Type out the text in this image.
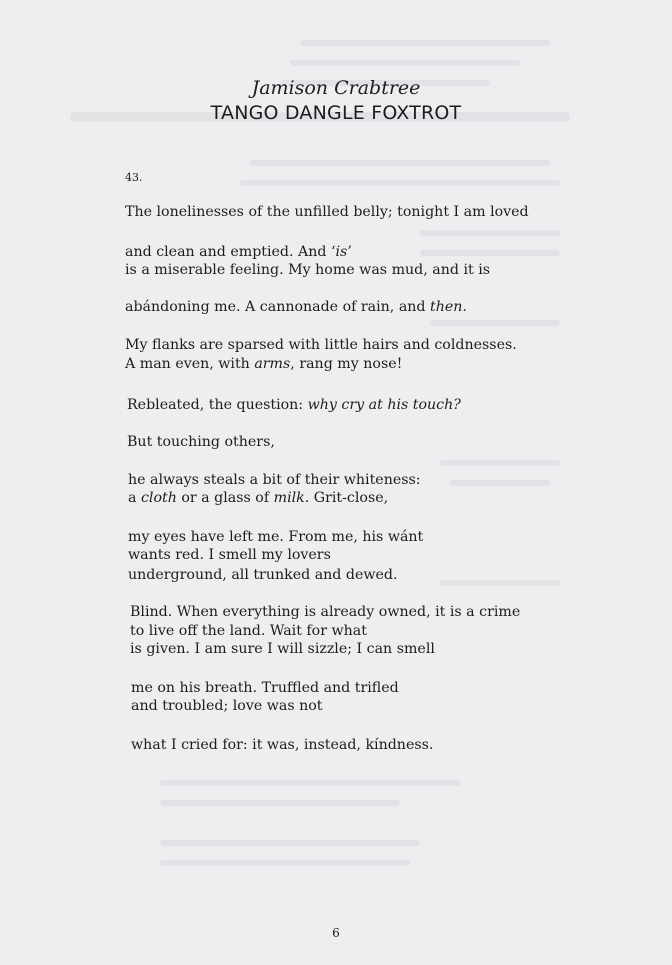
Jamison Crabtree
TANGO DANGLE FOXTROT
43.
The lonelinesses of the unfilled belly; tonight I am loved
and clean and emptied. And ‘is’
is a miserable feeling. My home was mud, and it is
abándoning me. A cannonade of rain, and then.
My flanks are sparsed with little hairs and coldnesses.
A man even, with arms, rang my nose!
Rebleated, the question: why cry at his touch?
But touching others,
he always steals a bit of their whiteness:
a cloth or a glass of milk. Grit-close,
my eyes have left me. From me, his wánt
wants red. I smell my lovers
underground, all trunked and dewed.
Blind. When everything is already owned, it is a crime
to live off the land. Wait for what
is given. I am sure I will sizzle; I can smell
me on his breath. Truffled and trifled
and troubled; love was not
what I cried for: it was, instead, kíndness.
6
